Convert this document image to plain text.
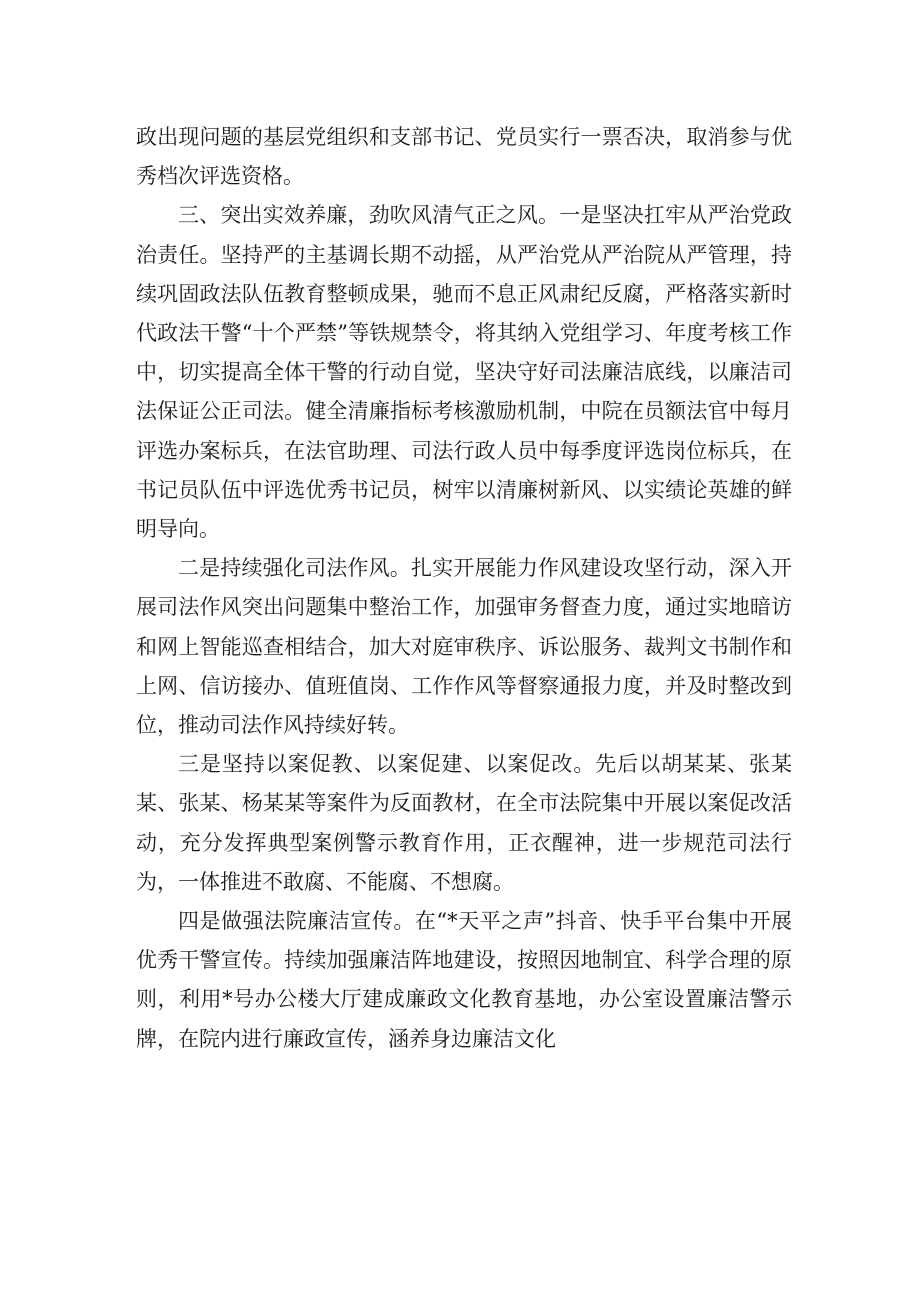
政出现问题的基层党组织和支部书记、党员实行一票否决，取消参与优秀档次评选资格。

三、突出实效养廉，劲吹风清气正之风。一是坚决扛牢从严治党政治责任。坚持严的主基调长期不动摇，从严治党从严治院从严管理，持续巩固政法队伍教育整顿成果，驰而不息正风肃纪反腐，严格落实新时代政法干警“十个严禁”等铁规禁令，将其纳入党组学习、年度考核工作中，切实提高全体干警的行动自觉，坚决守好司法廉洁底线，以廉洁司法保证公正司法。健全清廉指标考核激励机制，中院在员额法官中每月评选办案标兵，在法官助理、司法行政人员中每季度评选岗位标兵，在书记员队伍中评选优秀书记员，树牢以清廉树新风、以实绩论英雄的鲜明导向。

二是持续强化司法作风。扎实开展能力作风建设攻坚行动，深入开展司法作风突出问题集中整治工作，加强审务督查力度，通过实地暗访和网上智能巡查相结合，加大对庭审秩序、诉讼服务、裁判文书制作和上网、信访接办、值班值岗、工作作风等督察通报力度，并及时整改到位，推动司法作风持续好转。

三是坚持以案促教、以案促建、以案促改。先后以胡某某、张某某、张某、杨某某等案件为反面教材，在全市法院集中开展以案促改活动，充分发挥典型案例警示教育作用，正衣醒神，进一步规范司法行为，一体推进不敢腐、不能腐、不想腐。

四是做强法院廉洁宣传。在“*天平之声”抖音、快手平台集中开展优秀干警宣传。持续加强廉洁阵地建设，按照因地制宜、科学合理的原则，利用*号办公楼大厅建成廉政文化教育基地，办公室设置廉洁警示牌，在院内进行廉政宣传，涵养身边廉洁文化
